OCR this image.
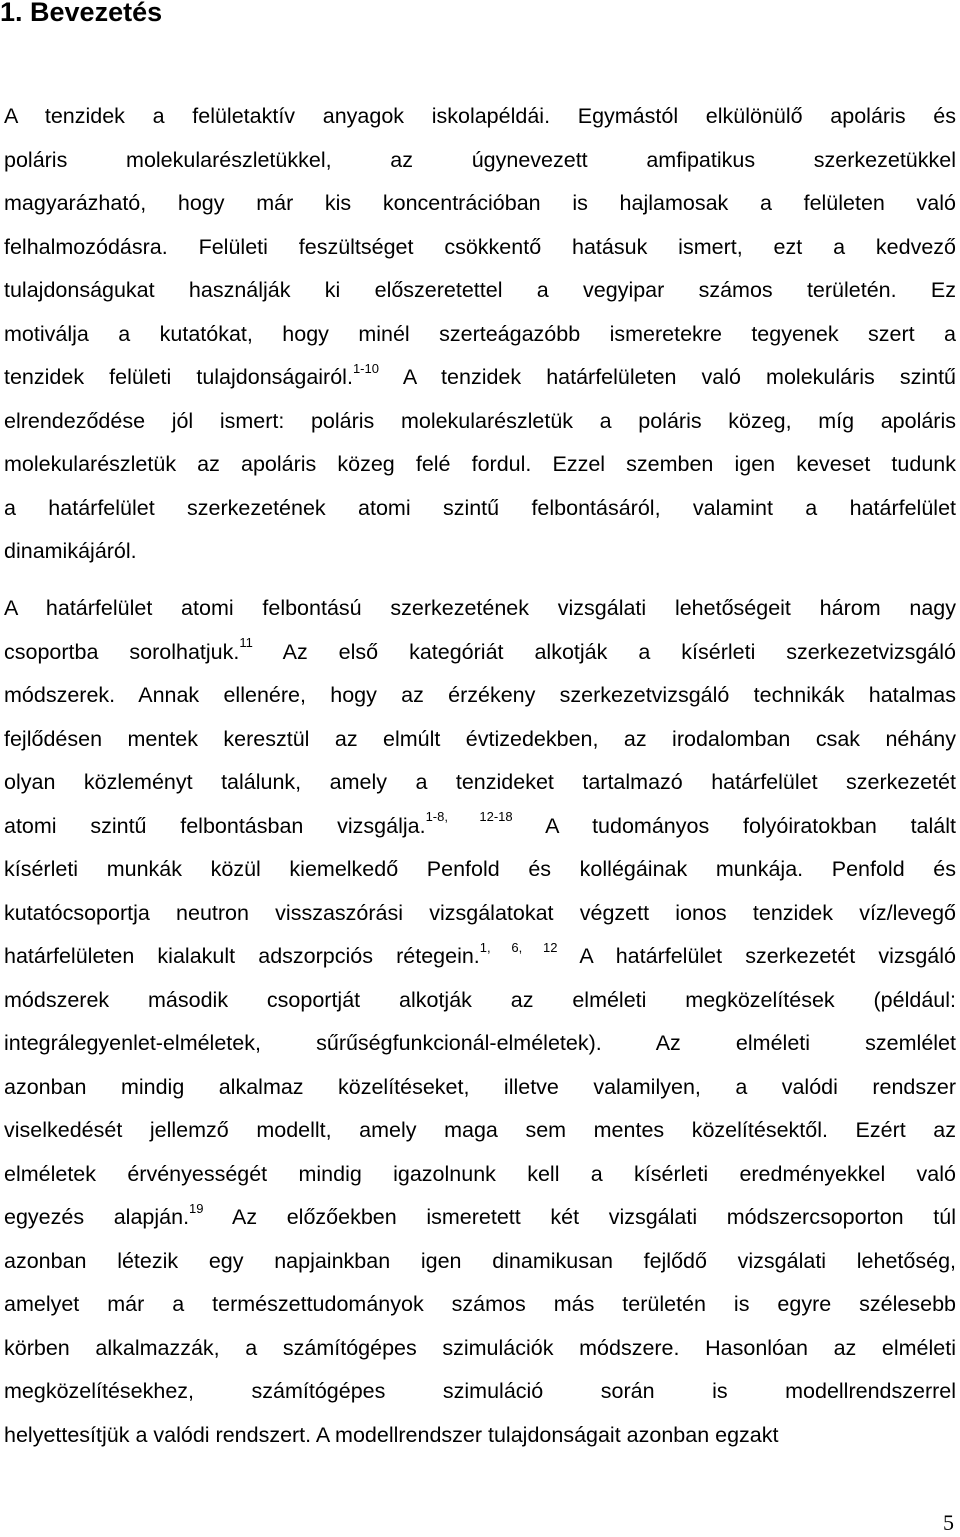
1. Bevezetés
A tenzidek a felületaktív anyagok iskolapéldái. Egymástól elkülönülő apoláris és
poláris molekularészletükkel, az úgynevezett amfipatikus szerkezetükkel
magyarázható, hogy már kis koncentrációban is hajlamosak a felületen való
felhalmozódásra. Felületi feszültséget csökkentő hatásuk ismert, ezt a kedvező
tulajdonságukat használják ki előszeretettel a vegyipar számos területén. Ez
motiválja a kutatókat, hogy minél szerteágazóbb ismeretekre tegyenek szert a
tenzidek felületi tulajdonságairól.$^{1-10}$ A tenzidek határfelületen való molekuláris szintű
elrendeződése jól ismert: poláris molekularészletük a poláris közeg, míg apoláris
molekularészletük az apoláris közeg felé fordul. Ezzel szemben igen keveset tudunk
a határfelület szerkezetének atomi szintű felbontásáról, valamint a határfelület
dinamikájáról.
A határfelület atomi felbontású szerkezetének vizsgálati lehetőségeit három nagy
csoportba sorolhatjuk.$^{11}$ Az első kategóriát alkotják a kísérleti szerkezetvizsgáló
módszerek. Annak ellenére, hogy az érzékeny szerkezetvizsgáló technikák hatalmas
fejlődésen mentek keresztül az elmúlt évtizedekben, az irodalomban csak néhány
olyan közleményt találunk, amely a tenzideket tartalmazó határfelület szerkezetét
atomi szintű felbontásban vizsgálja.$^{1-8, 12-18}$ A tudományos folyóiratokban talált
kísérleti munkák közül kiemelkedő Penfold és kollégáinak munkája. Penfold és
kutatócsoportja neutron visszaszórási vizsgálatokat végzett ionos tenzidek víz/levegő
határfelületen kialakult adszorpciós rétegein.$^{1, 6, 12}$ A határfelület szerkezetét vizsgáló
módszerek második csoportját alkotják az elméleti megközelítések (például:
integrálegyenlet-elméletek, sűrűségfunkcionál-elméletek). Az elméleti szemlélet
azonban mindig alkalmaz közelítéseket, illetve valamilyen, a valódi rendszer
viselkedését jellemző modellt, amely maga sem mentes közelítésektől. Ezért az
elméletek érvényességét mindig igazolnunk kell a kísérleti eredményekkel való
egyezés alapján.$^{19}$ Az előzőekben ismeretett két vizsgálati módszercsoporton túl
azonban létezik egy napjainkban igen dinamikusan fejlődő vizsgálati lehetőség,
amelyet már a természettudományok számos más területén is egyre szélesebb
körben alkalmazzák, a számítógépes szimulációk módszere. Hasonlóan az elméleti
megközelítésekhez, számítógépes szimuláció során is modellrendszerrel
helyettesítjük a valódi rendszert. A modellrendszer tulajdonságait azonban egzakt
5
